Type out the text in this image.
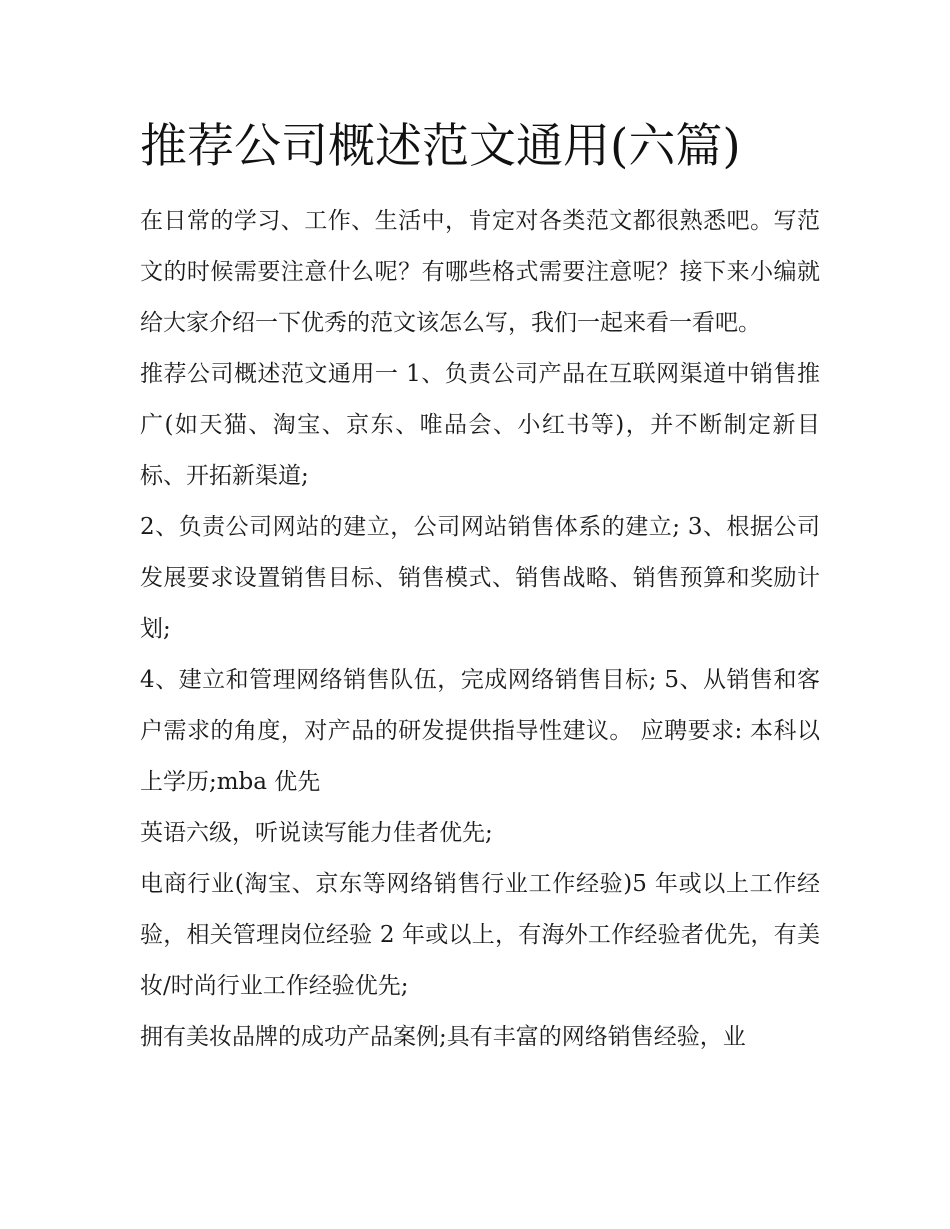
推荐公司概述范文通用(六篇)

在日常的学习、工作、生活中，肯定对各类范文都很熟悉吧。写范文的时候需要注意什么呢？有哪些格式需要注意呢？接下来小编就给大家介绍一下优秀的范文该怎么写，我们一起来看一看吧。

推荐公司概述范文通用一 1、负责公司产品在互联网渠道中销售推广(如天猫、淘宝、京东、唯品会、小红书等)，并不断制定新目标、开拓新渠道;

2、负责公司网站的建立，公司网站销售体系的建立; 3、根据公司发展要求设置销售目标、销售模式、销售战略、销售预算和奖励计划;

4、建立和管理网络销售队伍，完成网络销售目标; 5、从销售和客户需求的角度，对产品的研发提供指导性建议。 应聘要求: 本科以上学历;mba 优先

英语六级，听说读写能力佳者优先;

电商行业(淘宝、京东等网络销售行业工作经验)5 年或以上工作经验，相关管理岗位经验 2 年或以上，有海外工作经验者优先，有美妆/时尚行业工作经验优先;

拥有美妆品牌的成功产品案例;具有丰富的网络销售经验，业
